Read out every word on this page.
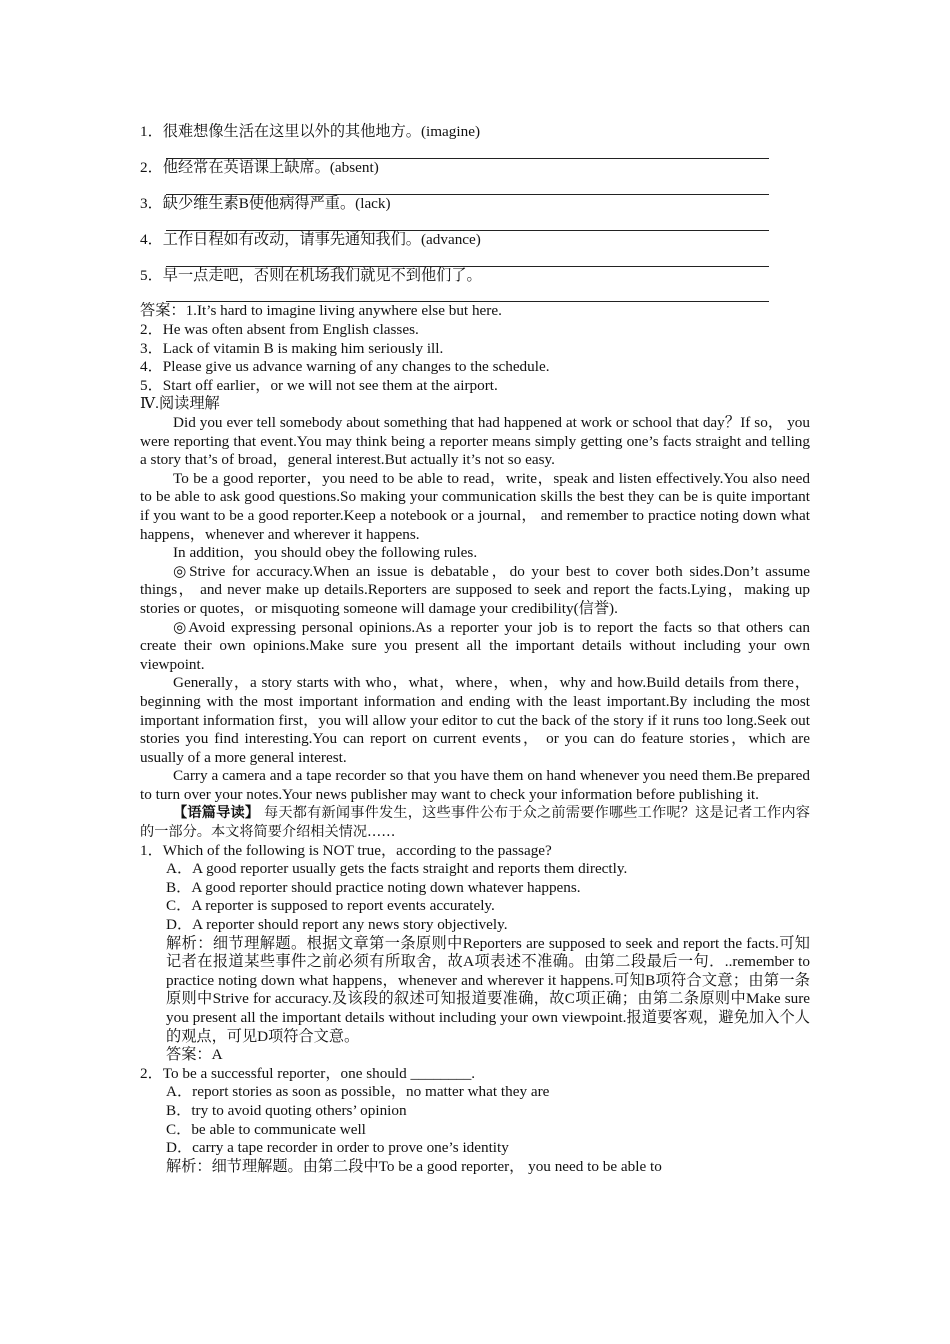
1．很难想像生活在这里以外的其他地方。(imagine)

2．他经常在英语课上缺席。(absent)

3．缺少维生素B使他病得严重。(lack)

4．工作日程如有改动，请事先通知我们。(advance)

5．早一点走吧，否则在机场我们就见不到他们了。

答案：1.It’s hard to imagine living anywhere else but here.

2．He was often absent from English classes.

3．Lack of vitamin B is making him seriously ill.

4．Please give us advance warning of any changes to the schedule.

5．Start off earlier，or we will not see them at the airport.

Ⅳ.阅读理解

Did you ever tell somebody about something that had happened at work or school that day？If so， you were reporting that event.You may think being a reporter means simply getting one’s facts straight and telling a story that’s of broad，general interest.But actually it’s not so easy.

To be a good reporter，you need to be able to read，write，speak and listen effectively.You also need to be able to ask good questions.So making your communication skills the best they can be is quite important if you want to be a good reporter.Keep a notebook or a journal， and remember to practice noting down what happens，whenever and wherever it happens.

In addition，you should obey the following rules.

◎Strive for accuracy.When an issue is debatable，do your best to cover both sides.Don’t assume things， and never make up details.Reporters are supposed to seek and report the facts.Lying，making up stories or quotes，or misquoting someone will damage your credibility(信誉).

◎Avoid expressing personal opinions.As a reporter your job is to report the facts so that others can create their own opinions.Make sure you present all the important details without including your own viewpoint.

Generally，a story starts with who，what，where，when，why and how.Build details from there， beginning with the most important information and ending with the least important.By including the most important information first，you will allow your editor to cut the back of the story if it runs too long.Seek out stories you find interesting.You can report on current events， or you can do feature stories，which are usually of a more general interest.

Carry a camera and a tape recorder so that you have them on hand whenever you need them.Be prepared to turn over your notes.Your news publisher may want to check your information before publishing it.

【语篇导读】 每天都有新闻事件发生，这些事件公布于众之前需要作哪些工作呢？这是记者工作内容的一部分。本文将简要介绍相关情况……

1．Which of the following is NOT true，according to the passage?

A．A good reporter usually gets the facts straight and reports them directly.

B．A good reporter should practice noting down whatever happens.

C．A reporter is supposed to report events accurately.

D．A reporter should report any news story objectively.

解析：细节理解题。根据文章第一条原则中Reporters are supposed to seek and report the facts.可知记者在报道某些事件之前必须有所取舍，故A项表述不准确。由第二段最后一句．..remember to practice noting down what happens，whenever and wherever it happens.可知B项符合文意；由第一条原则中Strive for accuracy.及该段的叙述可知报道要准确，故C项正确；由第二条原则中Make sure you present all the important details without including your own viewpoint.报道要客观，避免加入个人的观点，可见D项符合文意。

答案：A

2．To be a successful reporter，one should ________.

A．report stories as soon as possible，no matter what they are

B．try to avoid quoting others’ opinion

C．be able to communicate well

D．carry a tape recorder in order to prove one’s identity

解析：细节理解题。由第二段中To be a good reporter， you need to be able to
